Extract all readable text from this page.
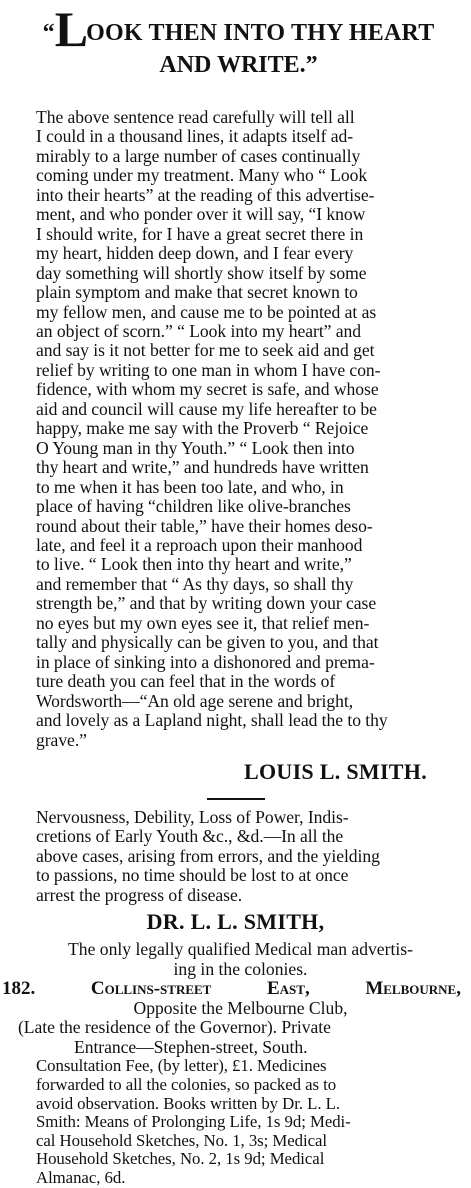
“LOOK THEN INTO THY HEART
AND WRITE.”
The above sentence read carefully will tell all
I could in a thousand lines, it adapts itself ad-
mirably to a large number of cases continually
coming under my treatment. Many who “ Look
into their hearts” at the reading of this advertise-
ment, and who ponder over it will say, “I know
I should write, for I have a great secret there in
my heart, hidden deep down, and I fear every
day something will shortly show itself by some
plain symptom and make that secret known to
my fellow men, and cause me to be pointed at as
an object of scorn.” “ Look into my heart” and
and say is it not better for me to seek aid and get
relief by writing to one man in whom I have con-
fidence, with whom my secret is safe, and whose
aid and council will cause my life hereafter to be
happy, make me say with the Proverb “ Rejoice
O Young man in thy Youth.” “ Look then into
thy heart and write,” and hundreds have written
to me when it has been too late, and who, in
place of having “children like olive-branches
round about their table,” have their homes deso-
late, and feel it a reproach upon their manhood
to live. “ Look then into thy heart and write,”
and remember that “ As thy days, so shall thy
strength be,” and that by writing down your case
no eyes but my own eyes see it, that relief men-
tally and physically can be given to you, and that
in place of sinking into a dishonored and prema-
ture death you can feel that in the words of
Wordsworth—“An old age serene and bright,
and lovely as a Lapland night, shall lead the to thy
grave.”
LOUIS L. SMITH.
Nervousness, Debility, Loss of Power, Indis-
cretions of Early Youth &c., &d.—In all the
above cases, arising from errors, and the yielding
to passions, no time should be lost to at once
arrest the progress of disease.
DR. L. L. SMITH,
The only legally qualified Medical man advertis-
ing in the colonies.
182.	Collins-street	East,	Melbourne,
Opposite the Melbourne Club,
(Late the residence of the Governor). Private
Entrance—Stephen-street, South.
Consultation Fee, (by letter), £1. Medicines
forwarded to all the colonies, so packed as to
avoid observation. Books written by Dr. L. L.
Smith: Means of Prolonging Life, 1s 9d; Medi-
cal Household Sketches, No. 1, 3s; Medical
Household Sketches, No. 2, 1s 9d; Medical
Almanac, 6d.
